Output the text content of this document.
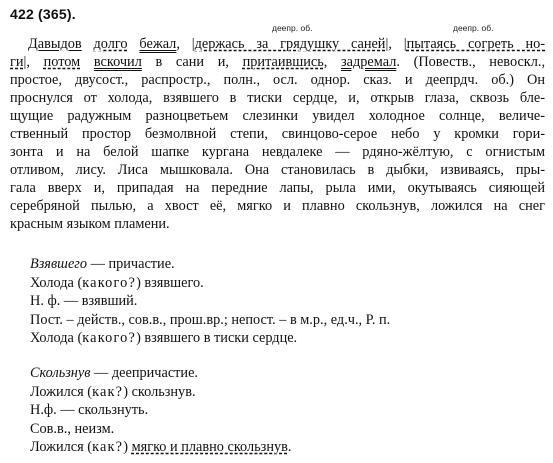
422 (365).
деепр. об.	деепр. об.
Давыдов долго бежал, |держась за грядушку саней|, |пытаясь согреть но-
ги|, потом вскочил в сани и, притаившись, задремал. (Повеств., невоскл.,
простое, двусост., распростр., полн., осл. однор. сказ. и деепрдч. об.) Он
проснулся от холода, взявшего в тиски сердце, и, открыв глаза, сквозь бле-
щущие радужным разноцветьем слезинки увидел холодное солнце, величе-
ственный простор безмолвной степи, свинцово-серое небо у кромки гори-
зонта и на белой шапке кургана невдалеке — рдяно-жёлтую, с огнистым
отливом, лису. Лиса мышковала. Она становилась в дыбки, извиваясь, пры-
гала вверх и, припадая на передние лапы, рыла ими, окутываясь сияющей
серебряной пылью, а хвост её, мягко и плавно скользнув, ложился на снег
красным языком пламени.
Взявшего — причастие.
Холода (какого?) взявшего.
Н. ф. — взявший.
Пост. – действ., сов.в., прош.вр.; непост. – в м.р., ед.ч., Р. п.
Холода (какого?) взявшего в тиски сердце.
Скользнув — деепричастие.
Ложился (как?) скользнув.
Н.ф. — скользнуть.
Сов.в., неизм.
Ложился (как?) мягко и плавно скользнув.
